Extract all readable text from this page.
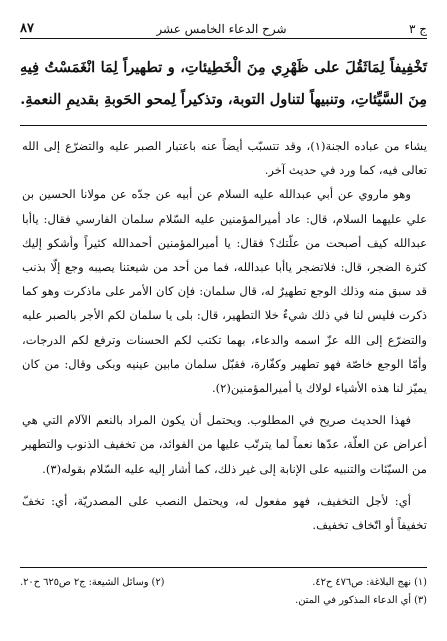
ج ٣
شرح الدعاء الخامس عشر
٨٧
تَخْفِيفاً لِمَاثَقُلَ على ظَهْرِي مِنَ الْخَطِيئاتِ، و تطهيراً لِمَا انْغَمَسْتُ فِيهِ مِنَ السَّيِّئاتِ، وتنبيهاً لتناول التوبة، وتذكيراً لِمحو الحَوبةِ بقديمِ النعمةِ.

يشاء من عباده الجنة(١)، وقد تتسبّب أيضاً عنه باعتبار الصبر عليه والتضرّع إلى الله تعالى فيه، كما ورد في حديث آخر.

وهو ماروي عن أبي عبدالله عليه السلام عن أبيه عن جدّه عن مولانا الحسين بن علي عليهما السلام، قال: عاد أميرالمؤمنين عليه السّلام سلمان الفارسي فقال: ياأبا عبدالله كيف أصبحت من علّتك؟ فقال: يا أميرالمؤمنين أحمدالله كثيراً وأشكو إليك كثرة الضجر، قال: فلاتضجر ياأبا عبدالله، فما من أحد من شيعتنا يصيبه وجع إلّا بذنب قد سبق منه وذلك الوجع تطهيرٌ له، قال سلمان: فإن كان الأمر على ماذكرت وهو كما ذكرت فليس لنا في ذلك شيءٌ خلا التطهير، قال: بلى يا سلمان لكم الأجر بالصبر عليه والتضرّع إلى الله عزّ اسمه والدعاء، بهما تكتب لكم الحسنات وترفع لكم الدرجات، وأمّا الوجع خاصّة فهو تطهير وكفّارة، فقبّل سلمان مابين عينيه وبكى وقال: من كان يميّز لنا هذه الأشياء لولاك يا أميرالمؤمنين(٢).

فهذا الحديث صريح في المطلوب. ويحتمل أن يكون المراد بالنعم الآلام التي هي أعراض عن العلّة، عدّها نعماً لما يترتّب عليها من الفوائد، من تخفيف الذنوب والتطهير من السيّئات والتنبيه على الإنابة إلى غير ذلك، كما أشار إليه عليه السّلام بقوله(٣).

أي: لأجل التخفيف، فهو مفعول له، ويحتمل النصب على المصدريّة، أي: تخفّ تخفيفاً أو اتّخاف تخفيف.

(١) نهج البلاغة: ص٤٧٦ ح٤٢.
(٢) وسائل الشيعة: ج٢ ص٦٢٥ ح٢٠.
(٣) أي الدعاء المذكور في المتن.
